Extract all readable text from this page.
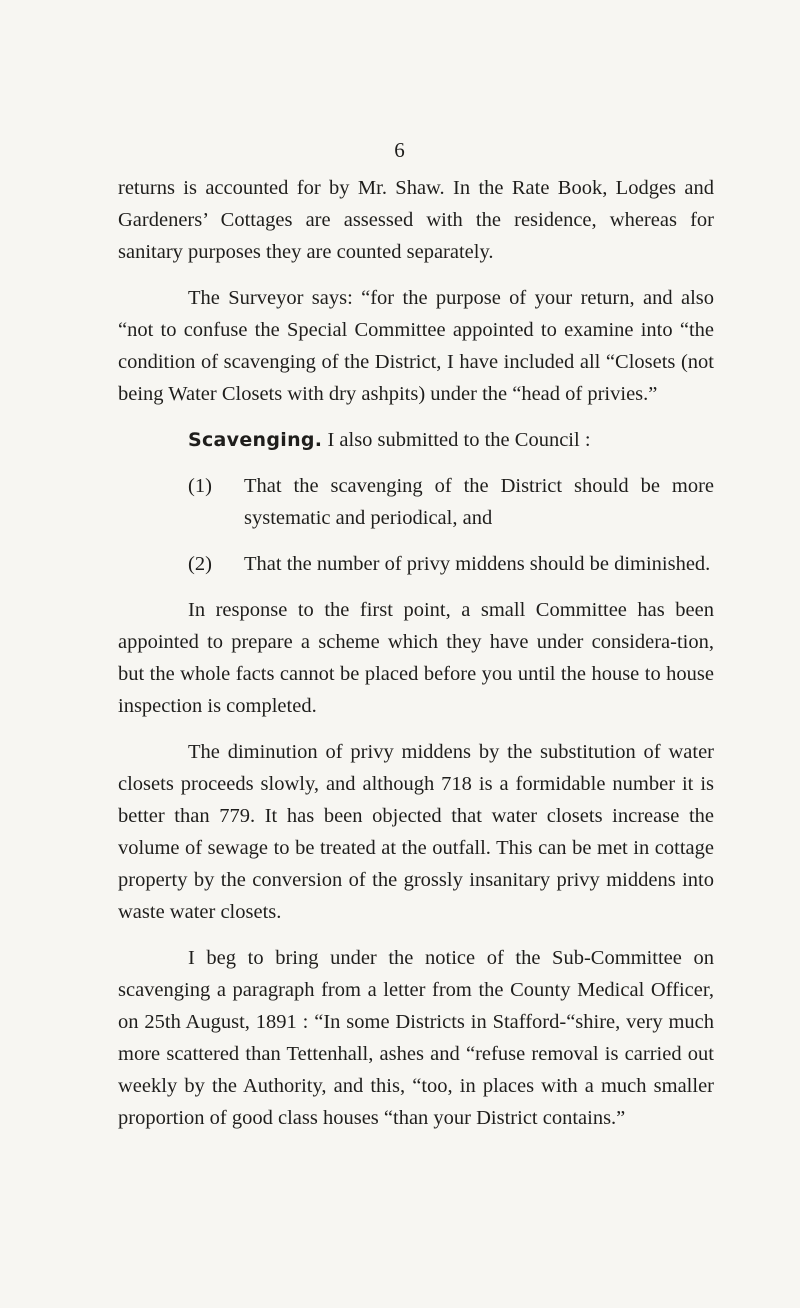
6

returns is accounted for by Mr. Shaw. In the Rate Book, Lodges and Gardeners’ Cottages are assessed with the residence, whereas for sanitary purposes they are counted separately.

The Surveyor says: “for the purpose of your return, and also “not to confuse the Special Committee appointed to examine into “the condition of scavenging of the District, I have included all “Closets (not being Water Closets with dry ashpits) under the “head of privies.”

Scavenging. I also submitted to the Council :

(1)	That the scavenging of the District should be more systematic and periodical, and
(2)	That the number of privy middens should be diminished.

In response to the first point, a small Committee has been appointed to prepare a scheme which they have under considera-tion, but the whole facts cannot be placed before you until the house to house inspection is completed.

The diminution of privy middens by the substitution of water closets proceeds slowly, and although 718 is a formidable number it is better than 779. It has been objected that water closets increase the volume of sewage to be treated at the outfall. This can be met in cottage property by the conversion of the grossly insanitary privy middens into waste water closets.

I beg to bring under the notice of the Sub-Committee on scavenging a paragraph from a letter from the County Medical Officer, on 25th August, 1891 : “In some Districts in Stafford-“shire, very much more scattered than Tettenhall, ashes and “refuse removal is carried out weekly by the Authority, and this, “too, in places with a much smaller proportion of good class houses “than your District contains.”
